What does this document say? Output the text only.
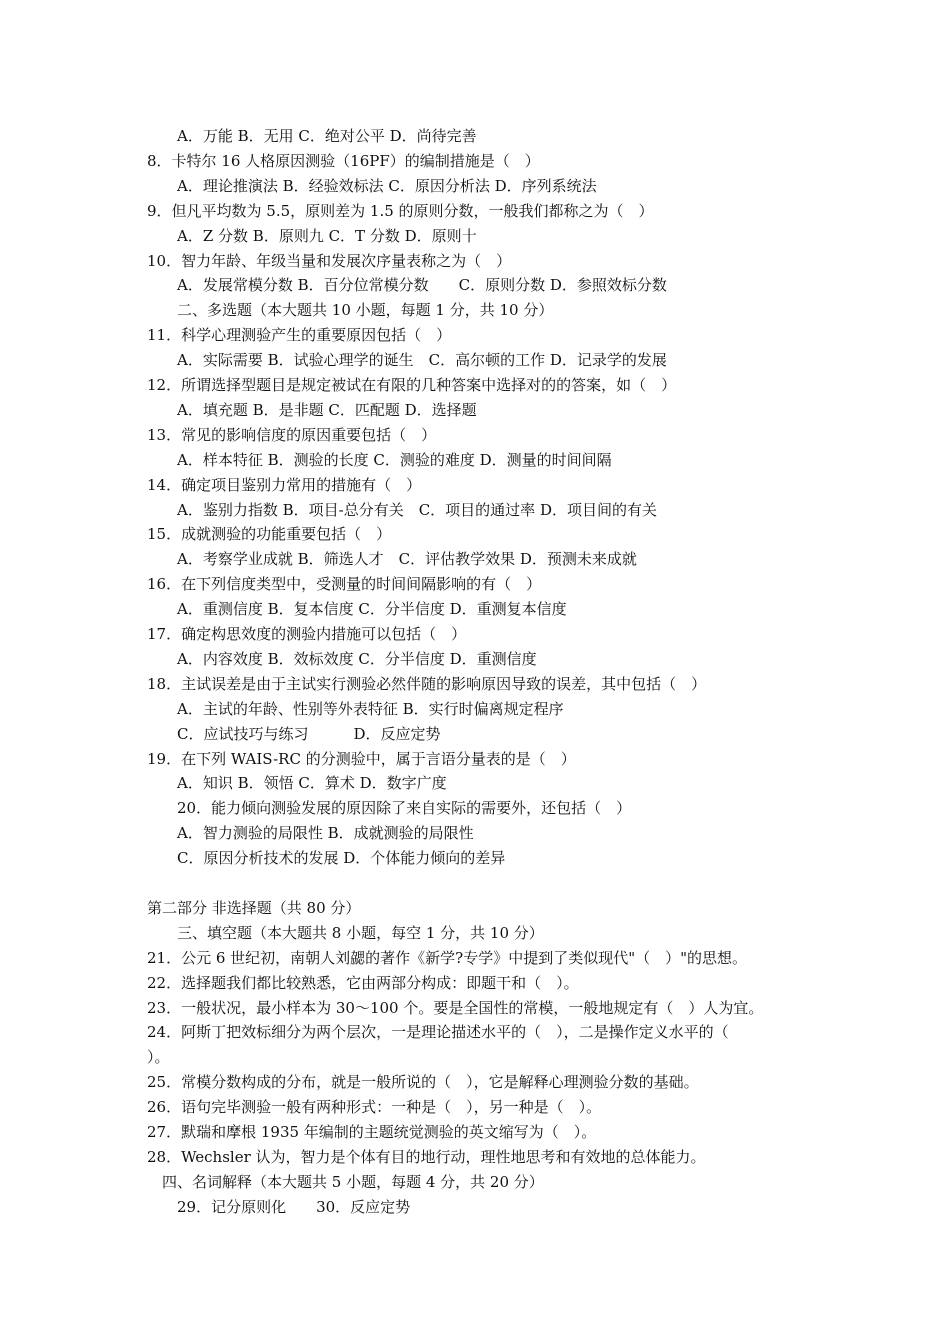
A．万能 B．无用 C．绝对公平 D．尚待完善
8．卡特尔 16 人格原因测验（16PF）的编制措施是（　）
A．理论推演法 B．经验效标法 C．原因分析法 D．序列系统法
9．但凡平均数为 5.5，原则差为 1.5 的原则分数，一般我们都称之为（　）
A．Z 分数 B．原则九 C．T 分数 D．原则十
10．智力年龄、年级当量和发展次序量表称之为（　）
A．发展常模分数 B．百分位常模分数　　C．原则分数 D．参照效标分数
二、多选题（本大题共 10 小题，每题 1 分，共 10 分）
11．科学心理测验产生的重要原因包括（　）
A．实际需要 B．试验心理学的诞生　C．高尔顿的工作 D．记录学的发展
12．所谓选择型题目是规定被试在有限的几种答案中选择对的的答案，如（　）
A．填充题 B．是非题 C．匹配题 D．选择题
13．常见的影响信度的原因重要包括（　）
A．样本特征 B．测验的长度 C．测验的难度 D．测量的时间间隔
14．确定项目鉴别力常用的措施有（　）
A．鉴别力指数 B．项目-总分有关　C．项目的通过率 D．项目间的有关
15．成就测验的功能重要包括（　）
A．考察学业成就 B．筛选人才　C．评估教学效果 D．预测未来成就
16．在下列信度类型中，受测量的时间间隔影响的有（　）
A．重测信度 B．复本信度 C．分半信度 D．重测复本信度
17．确定构思效度的测验内措施可以包括（　）
A．内容效度 B．效标效度 C．分半信度 D．重测信度
18．主试误差是由于主试实行测验必然伴随的影响原因导致的误差，其中包括（　）
A．主试的年龄、性别等外表特征 B．实行时偏离规定程序
C．应试技巧与练习　　　D．反应定势
19．在下列 WAIS-RC 的分测验中，属于言语分量表的是（　）
A．知识 B．领悟 C．算术 D．数字广度
20．能力倾向测验发展的原因除了来自实际的需要外，还包括（　）
A．智力测验的局限性 B．成就测验的局限性
C．原因分析技术的发展 D．个体能力倾向的差异
第二部分 非选择题（共 80 分）
三、填空题（本大题共 8 小题，每空 1 分，共 10 分）
21．公元 6 世纪初，南朝人刘勰的著作《新学?专学》中提到了类似现代"（　）"的思想。
22．选择题我们都比较熟悉，它由两部分构成：即题干和（　）。
23．一般状况，最小样本为 30～100 个。要是全国性的常模，一般地规定有（　）人为宜。
24．阿斯丁把效标细分为两个层次，一是理论描述水平的（　），二是操作定义水平的（
）。
25．常模分数构成的分布，就是一般所说的（　），它是解释心理测验分数的基础。
26．语句完毕测验一般有两种形式：一种是（　），另一种是（　）。
27．默瑞和摩根 1935 年编制的主题统觉测验的英文缩写为（　）。
28．Wechsler 认为，智力是个体有目的地行动，理性地思考和有效地的总体能力。
四、名词解释（本大题共 5 小题，每题 4 分，共 20 分）
29．记分原则化　　30．反应定势
